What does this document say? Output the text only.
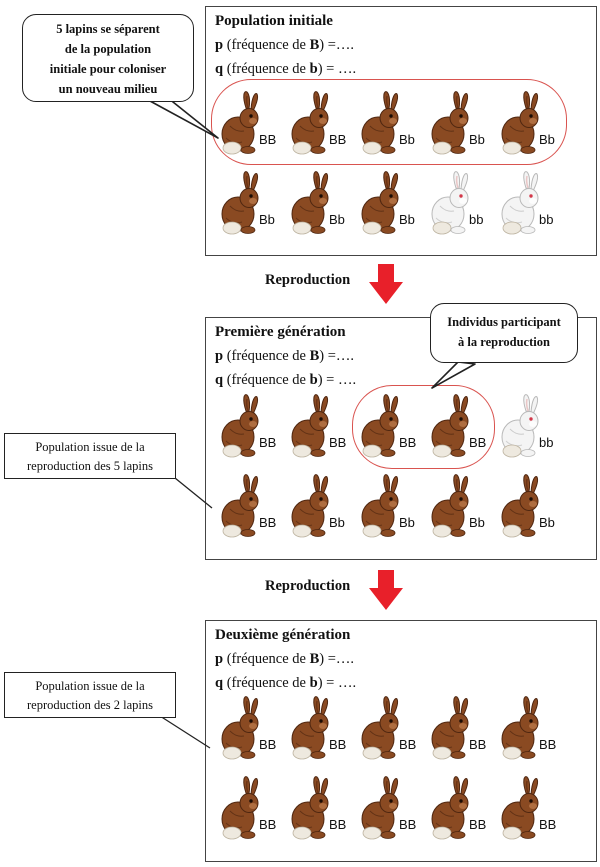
Population initiale
p (fréquence de B) =….
q (fréquence de b) = ….
BB	BB	Bb	Bb	Bb
Bb	Bb	Bb	bb	bb
Reproduction
Première génération
p (fréquence de B) =….
q (fréquence de b) = ….
BB	BB	BB	BB	bb
BB	Bb	Bb	Bb	Bb
Reproduction
Deuxième génération
p (fréquence de B) =….
q (fréquence de b) = ….
BB	BB	BB	BB	BB
BB	BB	BB	BB	BB
5 lapins se séparent
de la population
initiale pour coloniser
un nouveau milieu
Individus participant
à la reproduction
Population issue de la
reproduction des 5 lapins
Population issue de la
reproduction des 2 lapins
